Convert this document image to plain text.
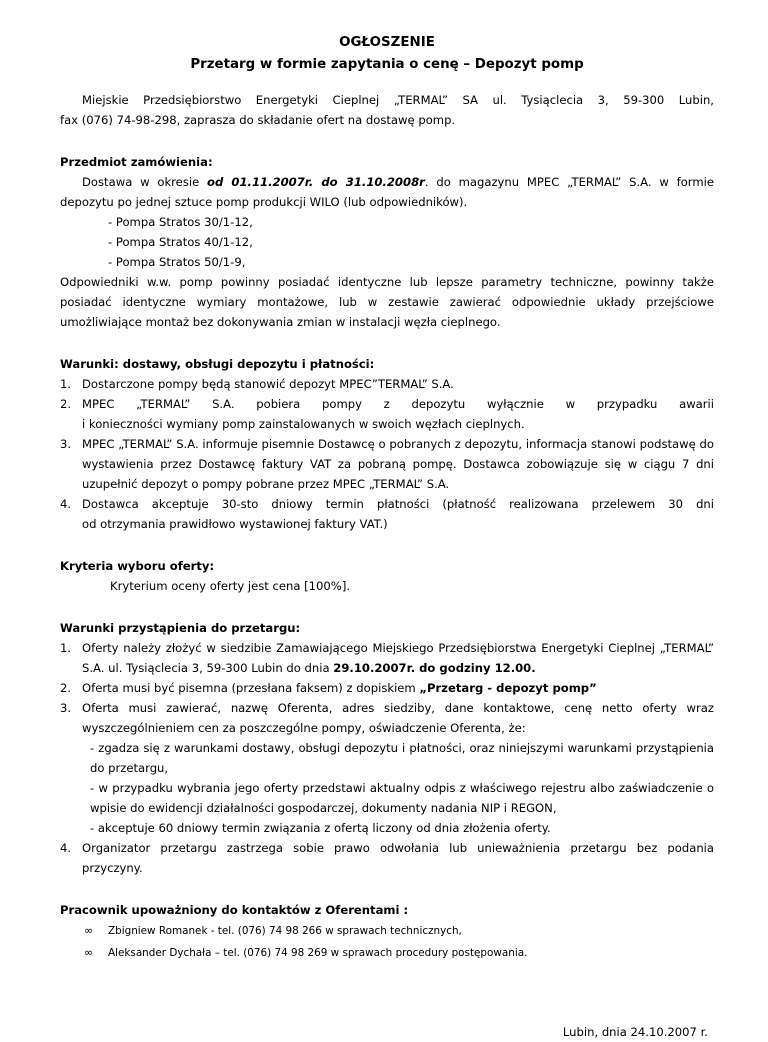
OGŁOSZENIE
Przetarg w formie zapytania o cenę – Depozyt pomp
Miejskie Przedsiębiorstwo Energetyki Cieplnej „TERMAL” SA ul. Tysiąclecia 3, 59-300 Lubin,
fax (076) 74-98-298, zaprasza do składanie ofert na dostawę pomp.
Przedmiot zamówienia:
Dostawa w okresie od 01.11.2007r. do 31.10.2008r. do magazynu MPEC „TERMAL” S.A. w formie
depozytu po jednej sztuce pomp produkcji WILO (lub odpowiedników).
- Pompa Stratos 30/1-12,
- Pompa Stratos 40/1-12,
- Pompa Stratos 50/1-9,
Odpowiedniki w.w. pomp powinny posiadać identyczne lub lepsze parametry techniczne, powinny także posiadać identyczne wymiary montażowe, lub w zestawie zawierać odpowiednie układy przejściowe umożliwiające montaż bez dokonywania zmian w instalacji węzła cieplnego.
Warunki: dostawy, obsługi depozytu i płatności:
1. Dostarczone pompy będą stanowić depozyt MPEC”TERMAL” S.A.
2. MPEC „TERMAL” S.A. pobiera pompy z depozytu wyłącznie w przypadku awarii
i konieczności wymiany pomp zainstalowanych w swoich węzłach cieplnych.
3. MPEC „TERMAL” S.A. informuje pisemnie Dostawcę o pobranych z depozytu, informacja stanowi podstawę do wystawienia przez Dostawcę faktury VAT za pobraną pompę. Dostawca zobowiązuje się w ciągu 7 dni uzupełnić depozyt o pompy pobrane przez MPEC „TERMAL” S.A.
4. Dostawca akceptuje 30-sto dniowy termin płatności (płatność realizowana przelewem 30 dni
od otrzymania prawidłowo wystawionej faktury VAT.)
Kryteria wyboru oferty:
Kryterium oceny oferty jest cena [100%].
Warunki przystąpienia do przetargu:
1. Oferty należy złożyć w siedzibie Zamawiającego Miejskiego Przedsiębiorstwa Energetyki Cieplnej „TERMAL” S.A. ul. Tysiąclecia 3, 59-300 Lubin do dnia 29.10.2007r. do godziny 12.00.
2. Oferta musi być pisemna (przesłana faksem) z dopiskiem „Przetarg - depozyt pomp”
3. Oferta musi zawierać, nazwę Oferenta, adres siedziby, dane kontaktowe, cenę netto oferty wraz wyszczególnieniem cen za poszczególne pompy, oświadczenie Oferenta, że:
- zgadza się z warunkami dostawy, obsługi depozytu i płatności, oraz niniejszymi warunkami przystąpienia do przetargu,
- w przypadku wybrania jego oferty przedstawi aktualny odpis z właściwego rejestru albo zaświadczenie o wpisie do ewidencji działalności gospodarczej, dokumenty nadania NIP i REGON,
- akceptuje 60 dniowy termin związania z ofertą liczony od dnia złożenia oferty.
4. Organizator przetargu zastrzega sobie prawo odwołania lub unieważnienia przetargu bez podania przyczyny.
Pracownik upoważniony do kontaktów z Oferentami :
∞ Zbigniew Romanek - tel. (076) 74 98 266 w sprawach technicznych,
∞ Aleksander Dychała – tel. (076) 74 98 269 w sprawach procedury postępowania.
Lubin, dnia 24.10.2007 r.
